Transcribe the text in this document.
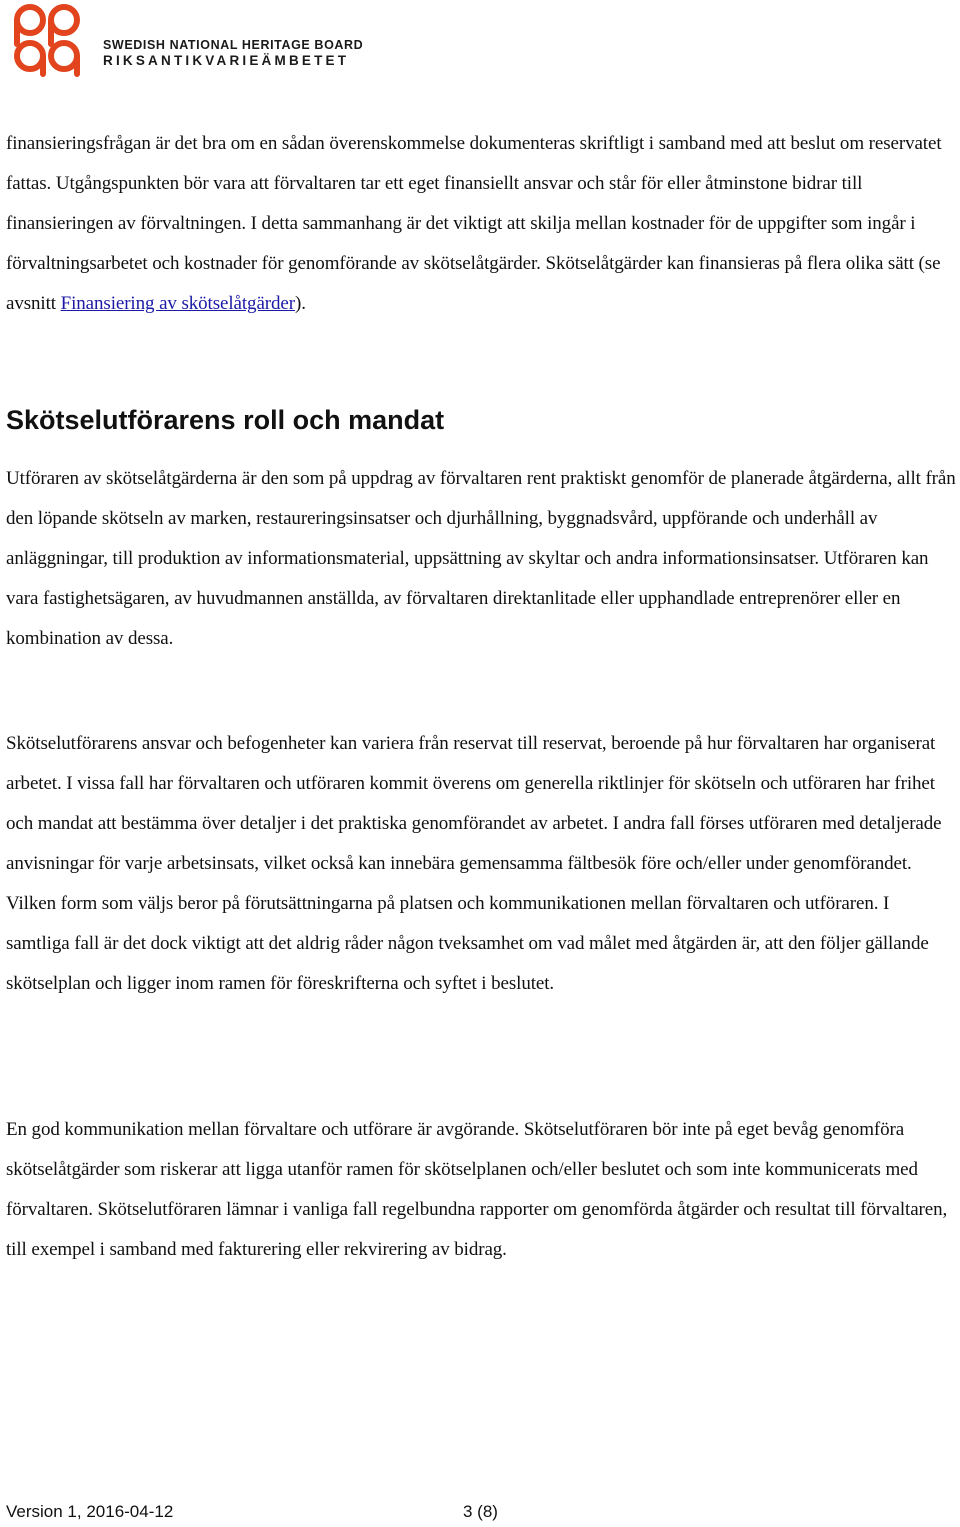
SWEDISH NATIONAL HERITAGE BOARD
RIKSANTIKVARIEÄMBETET

finansieringsfrågan är det bra om en sådan överenskommelse dokumenteras skriftligt i samband med att beslut om reservatet fattas. Utgångspunkten bör vara att förvaltaren tar ett eget finansiellt ansvar och står för eller åtminstone bidrar till finansieringen av förvaltningen. I detta sammanhang är det viktigt att skilja mellan kostnader för de uppgifter som ingår i förvaltningsarbetet och kostnader för genomförande av skötselåtgärder. Skötselåtgärder kan finansieras på flera olika sätt (se avsnitt Finansiering av skötselåtgärder).

Skötselutförarens roll och mandat

Utföraren av skötselåtgärderna är den som på uppdrag av förvaltaren rent praktiskt genomför de planerade åtgärderna, allt från den löpande skötseln av marken, restaureringsinsatser och djurhållning, byggnadsvård, uppförande och underhåll av anläggningar, till produktion av informationsmaterial, uppsättning av skyltar och andra informationsinsatser. Utföraren kan vara fastighetsägaren, av huvudmannen anställda, av förvaltaren direktanlitade eller upphandlade entreprenörer eller en kombination av dessa.

Skötselutförarens ansvar och befogenheter kan variera från reservat till reservat, beroende på hur förvaltaren har organiserat arbetet. I vissa fall har förvaltaren och utföraren kommit överens om generella riktlinjer för skötseln och utföraren har frihet och mandat att bestämma över detaljer i det praktiska genomförandet av arbetet. I andra fall förses utföraren med detaljerade anvisningar för varje arbetsinsats, vilket också kan innebära gemensamma fältbesök före och/eller under genomförandet. Vilken form som väljs beror på förutsättningarna på platsen och kommunikationen mellan förvaltaren och utföraren. I samtliga fall är det dock viktigt att det aldrig råder någon tveksamhet om vad målet med åtgärden är, att den följer gällande skötselplan och ligger inom ramen för föreskrifterna och syftet i beslutet.

En god kommunikation mellan förvaltare och utförare är avgörande. Skötselutföraren bör inte på eget bevåg genomföra skötselåtgärder som riskerar att ligga utanför ramen för skötselplanen och/eller beslutet och som inte kommunicerats med förvaltaren. Skötselutföraren lämnar i vanliga fall regelbundna rapporter om genomförda åtgärder och resultat till förvaltaren, till exempel i samband med fakturering eller rekvirering av bidrag.

Version 1, 2016-04-12	3 (8)
